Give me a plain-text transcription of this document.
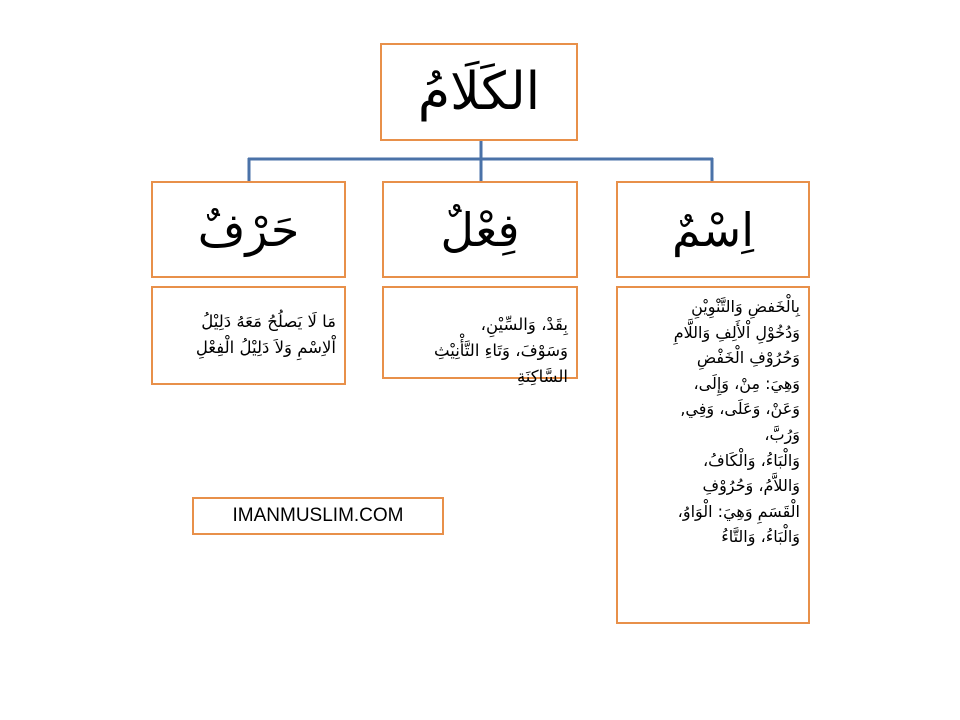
الكَلَامُ
حَرْفٌ	فِعْلٌ	اِسْمٌ
مَا لَا يَصلُحُ مَعَهُ دَلِيْلُ
اْلاِسْمِ وَلاَ دَلِيْلُ الْفِعْلِ
بِقَدْ، وَالسِّيْنِ،
وَسَوْفَ، وَتَاءِ التَّأْنِيْثِ
السَّاكِنَةِ
بِالْخَفضِ وَالتَّنْوِيْنِ
وَدُخُوْلِ اْلأَلِفِ وَاللَّامِ
وَحُرُوْفِ الْخَفْضِ
وَهِيَ: مِنْ، وَإِلَى،
وَعَنْ، وَعَلَى، وَفِي,
وَرُبَّ،
وَالْبَاءُ، وَالْكَافُ،
وَاللاَّمُ، وَحُرُوْفِ
الْقَسَمِ وَهِيَ: الْوَاوُ،
وَالْبَاءُ، وَالتَّاءُ
IMANMUSLIM.COM
